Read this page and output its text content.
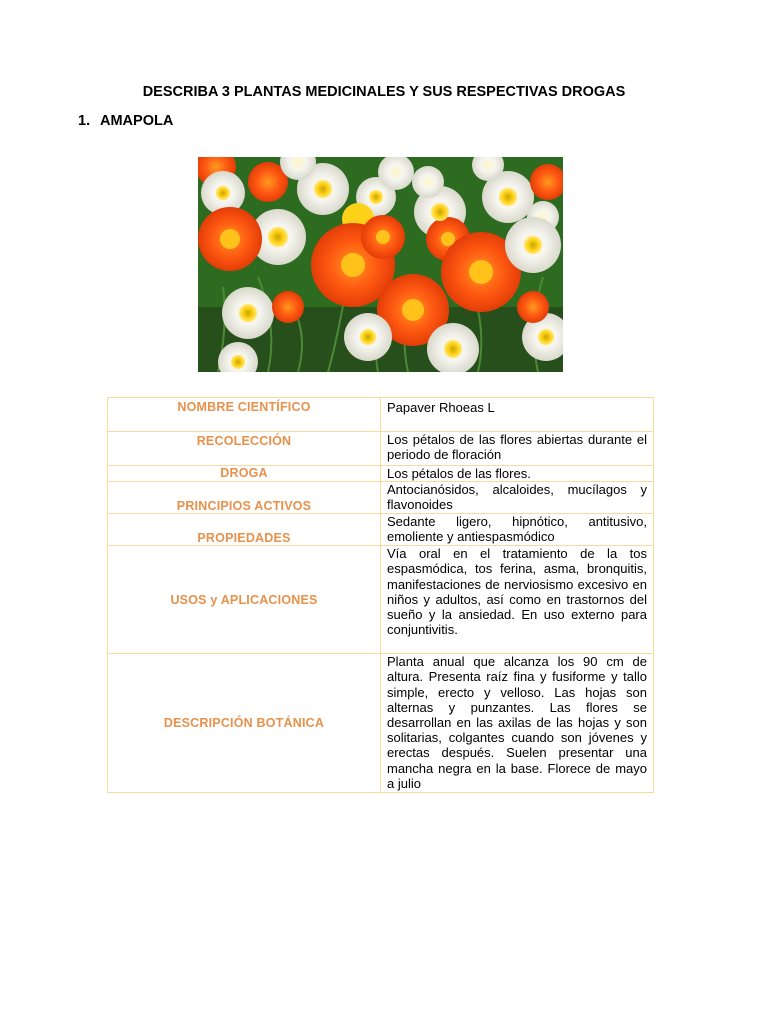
DESCRIBA 3 PLANTAS MEDICINALES Y SUS RESPECTIVAS DROGAS
1. AMAPOLA
NOMBRE CIENTÍFICO	Papaver Rhoeas L
RECOLECCIÓN	Los pétalos de las flores abiertas durante el periodo de floración
DROGA	Los pétalos de las flores.
PRINCIPIOS ACTIVOS	Antocianósidos, alcaloides, mucílagos y flavonoides
PROPIEDADES	Sedante ligero, hipnótico, antitusivo, emoliente y antiespasmódico
USOS y APLICACIONES	Vía oral en el tratamiento de la tos espasmódica, tos ferina, asma, bronquitis, manifestaciones de nerviosismo excesivo en niños y adultos, así como en trastornos del sueño y la ansiedad. En uso externo para conjuntivitis.
DESCRIPCIÓN BOTÁNICA	Planta anual que alcanza los 90 cm de altura. Presenta raíz fina y fusiforme y tallo simple, erecto y velloso. Las hojas son alternas y punzantes. Las flores se desarrollan en las axilas de las hojas y son solitarias, colgantes cuando son jóvenes y erectas después. Suelen presentar una mancha negra en la base. Florece de mayo a julio
